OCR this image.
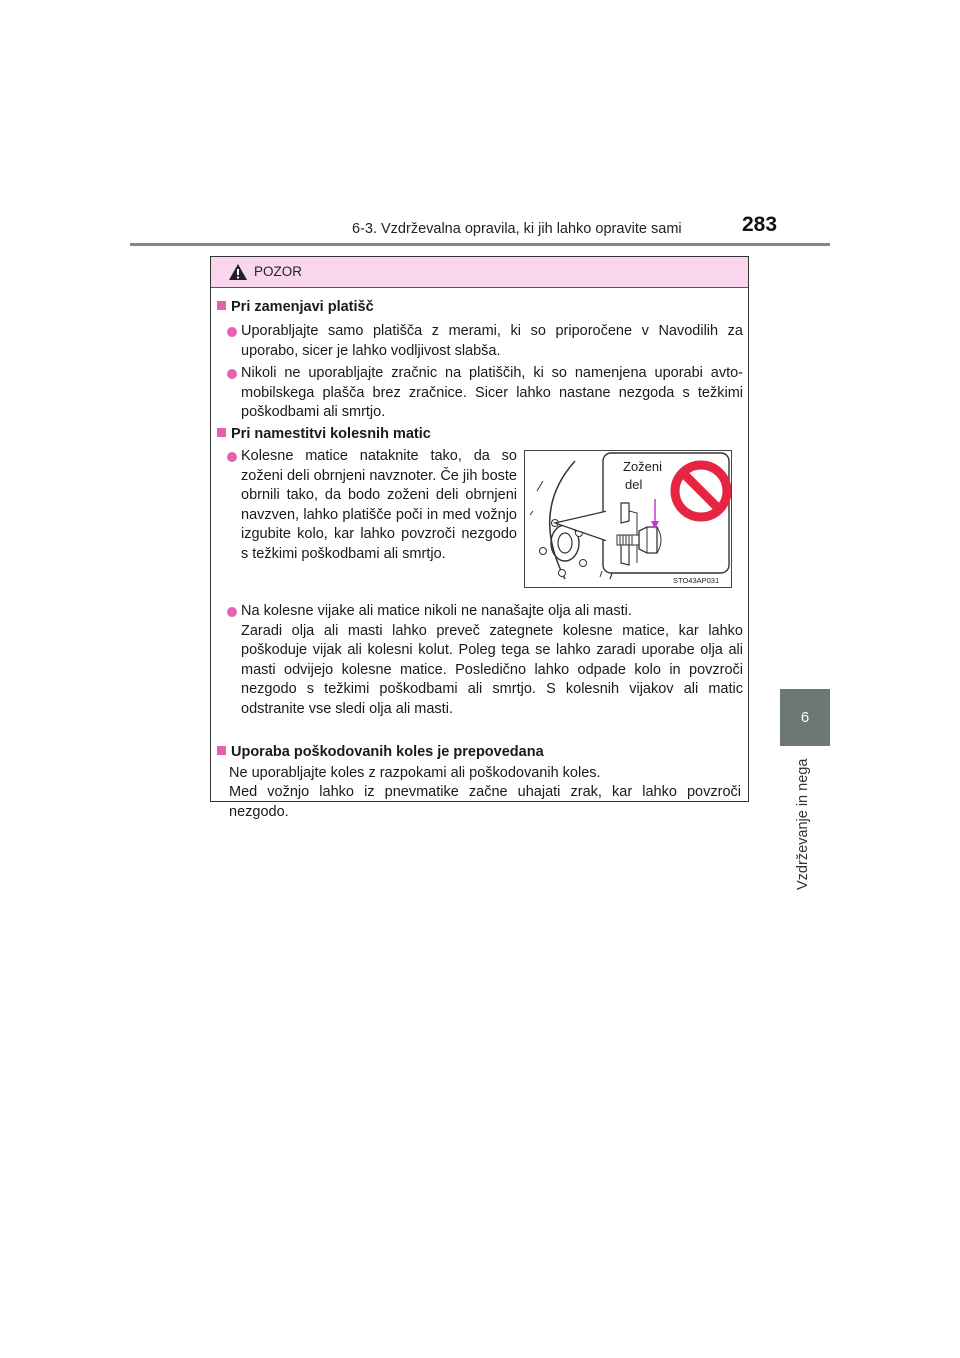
6-3. Vzdrževalna opravila, ki jih lahko opravite sami	283
6
Vzdrževanje in nega
POZOR
Pri zamenjavi platišč
Uporabljajte samo platišča z merami, ki so priporočene v Navodilih za uporabo, sicer je lahko vodljivost slabša.
Nikoli ne uporabljajte zračnic na platiščih, ki so namenjena uporabi avto-mobilskega plašča brez zračnice. Sicer lahko nastane nezgoda s težkimi poškodbami ali smrtjo.
Pri namestitvi kolesnih matic
Kolesne matice nataknite tako, da so zoženi deli obrnjeni navznoter. Če jih boste obrnili tako, da bodo zoženi deli obrnjeni navzven, lahko platišče poči in med vožnjo izgubite kolo, kar lahko povzroči nezgodo s težkimi poškodbami ali smrtjo.
Zoženi
del
STO43AP031
Na kolesne vijake ali matice nikoli ne nanašajte olja ali masti.
Zaradi olja ali masti lahko preveč zategnete kolesne matice, kar lahko poškoduje vijak ali kolesni kolut. Poleg tega se lahko zaradi uporabe olja ali masti odvijejo kolesne matice. Posledično lahko odpade kolo in povzroči nezgodo s težkimi poškodbami ali smrtjo. S kolesnih vijakov ali matic odstranite vse sledi olja ali masti.
Uporaba poškodovanih koles je prepovedana
Ne uporabljajte koles z razpokami ali poškodovanih koles.
Med vožnjo lahko iz pnevmatike začne uhajati zrak, kar lahko povzroči nezgodo.
